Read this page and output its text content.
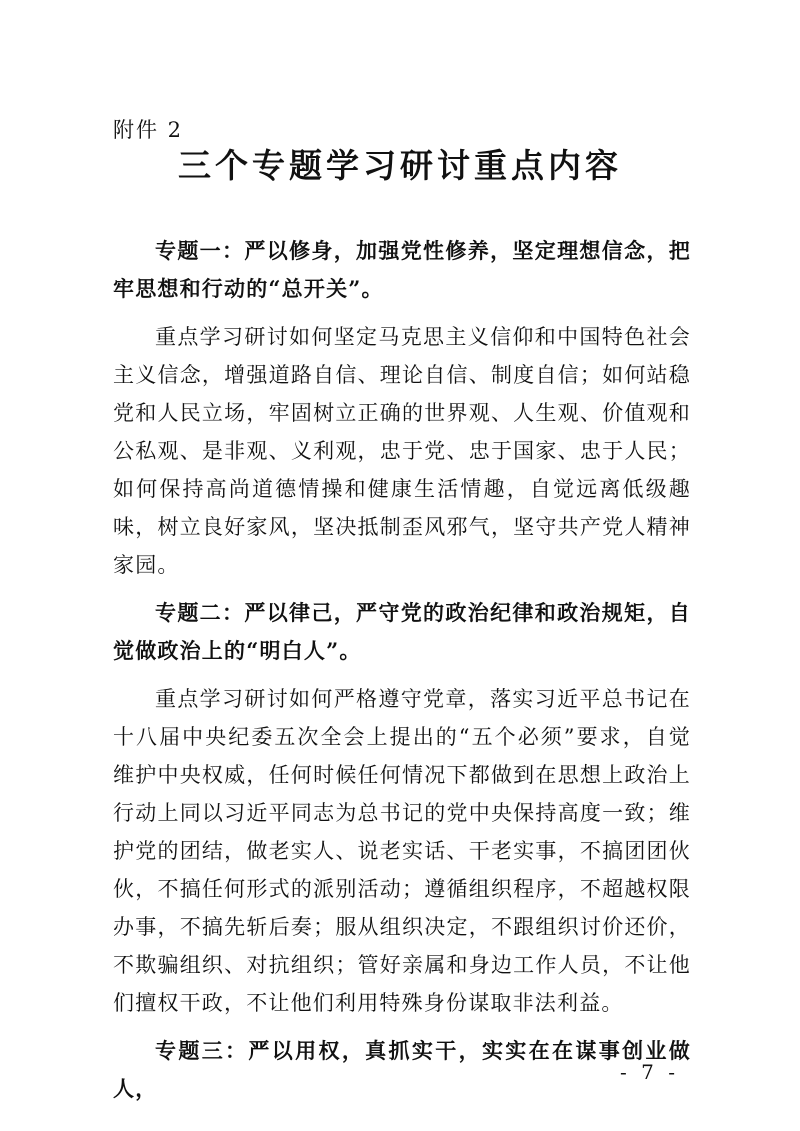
附件 2
三个专题学习研讨重点内容

专题一：严以修身，加强党性修养，坚定理想信念，把牢思想和行动的“总开关”。

重点学习研讨如何坚定马克思主义信仰和中国特色社会主义信念，增强道路自信、理论自信、制度自信；如何站稳党和人民立场，牢固树立正确的世界观、人生观、价值观和公私观、是非观、义利观，忠于党、忠于国家、忠于人民；如何保持高尚道德情操和健康生活情趣，自觉远离低级趣味，树立良好家风，坚决抵制歪风邪气，坚守共产党人精神家园。

专题二：严以律己，严守党的政治纪律和政治规矩，自觉做政治上的“明白人”。

重点学习研讨如何严格遵守党章，落实习近平总书记在十八届中央纪委五次全会上提出的“五个必须”要求，自觉维护中央权威，任何时候任何情况下都做到在思想上政治上行动上同以习近平同志为总书记的党中央保持高度一致；维护党的团结，做老实人、说老实话、干老实事，不搞团团伙伙，不搞任何形式的派别活动；遵循组织程序，不超越权限办事，不搞先斩后奏；服从组织决定，不跟组织讨价还价，不欺骗组织、对抗组织；管好亲属和身边工作人员，不让他们擅权干政，不让他们利用特殊身份谋取非法利益。

专题三：严以用权，真抓实干，实实在在谋事创业做人，

- 7 -
